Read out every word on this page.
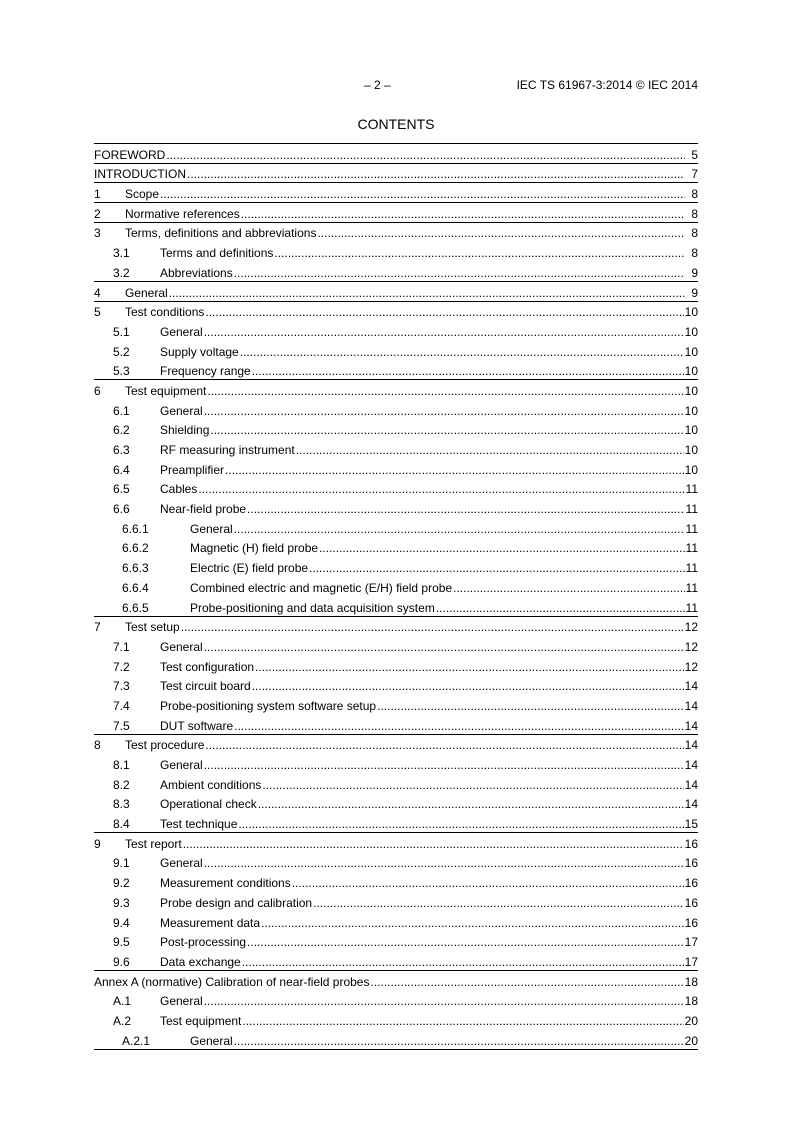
– 2 –	IEC TS 61967-3:2014 © IEC 2014
CONTENTS
FOREWORD .....	5
INTRODUCTION .....	7
1	Scope .....	8
2	Normative references .....	8
3	Terms, definitions and abbreviations .....	8
3.1	Terms and definitions .....	8
3.2	Abbreviations .....	9
4	General .....	9
5	Test conditions .....	10
5.1	General .....	10
5.2	Supply voltage .....	10
5.3	Frequency range .....	10
6	Test equipment .....	10
6.1	General .....	10
6.2	Shielding .....	10
6.3	RF measuring instrument .....	10
6.4	Preamplifier .....	10
6.5	Cables .....	11
6.6	Near-field probe .....	11
6.6.1	General .....	11
6.6.2	Magnetic (H) field probe .....	11
6.6.3	Electric (E) field probe .....	11
6.6.4	Combined electric and magnetic (E/H) field probe .....	11
6.6.5	Probe-positioning and data acquisition system .....	11
7	Test setup .....	12
7.1	General .....	12
7.2	Test configuration .....	12
7.3	Test circuit board .....	14
7.4	Probe-positioning system software setup .....	14
7.5	DUT software .....	14
8	Test procedure .....	14
8.1	General .....	14
8.2	Ambient conditions .....	14
8.3	Operational check .....	14
8.4	Test technique .....	15
9	Test report .....	16
9.1	General .....	16
9.2	Measurement conditions .....	16
9.3	Probe design and calibration .....	16
9.4	Measurement data .....	16
9.5	Post-processing .....	17
9.6	Data exchange .....	17
Annex A (normative) Calibration of near-field probes .....	18
A.1	General .....	18
A.2	Test equipment .....	20
A.2.1	General .....	20
